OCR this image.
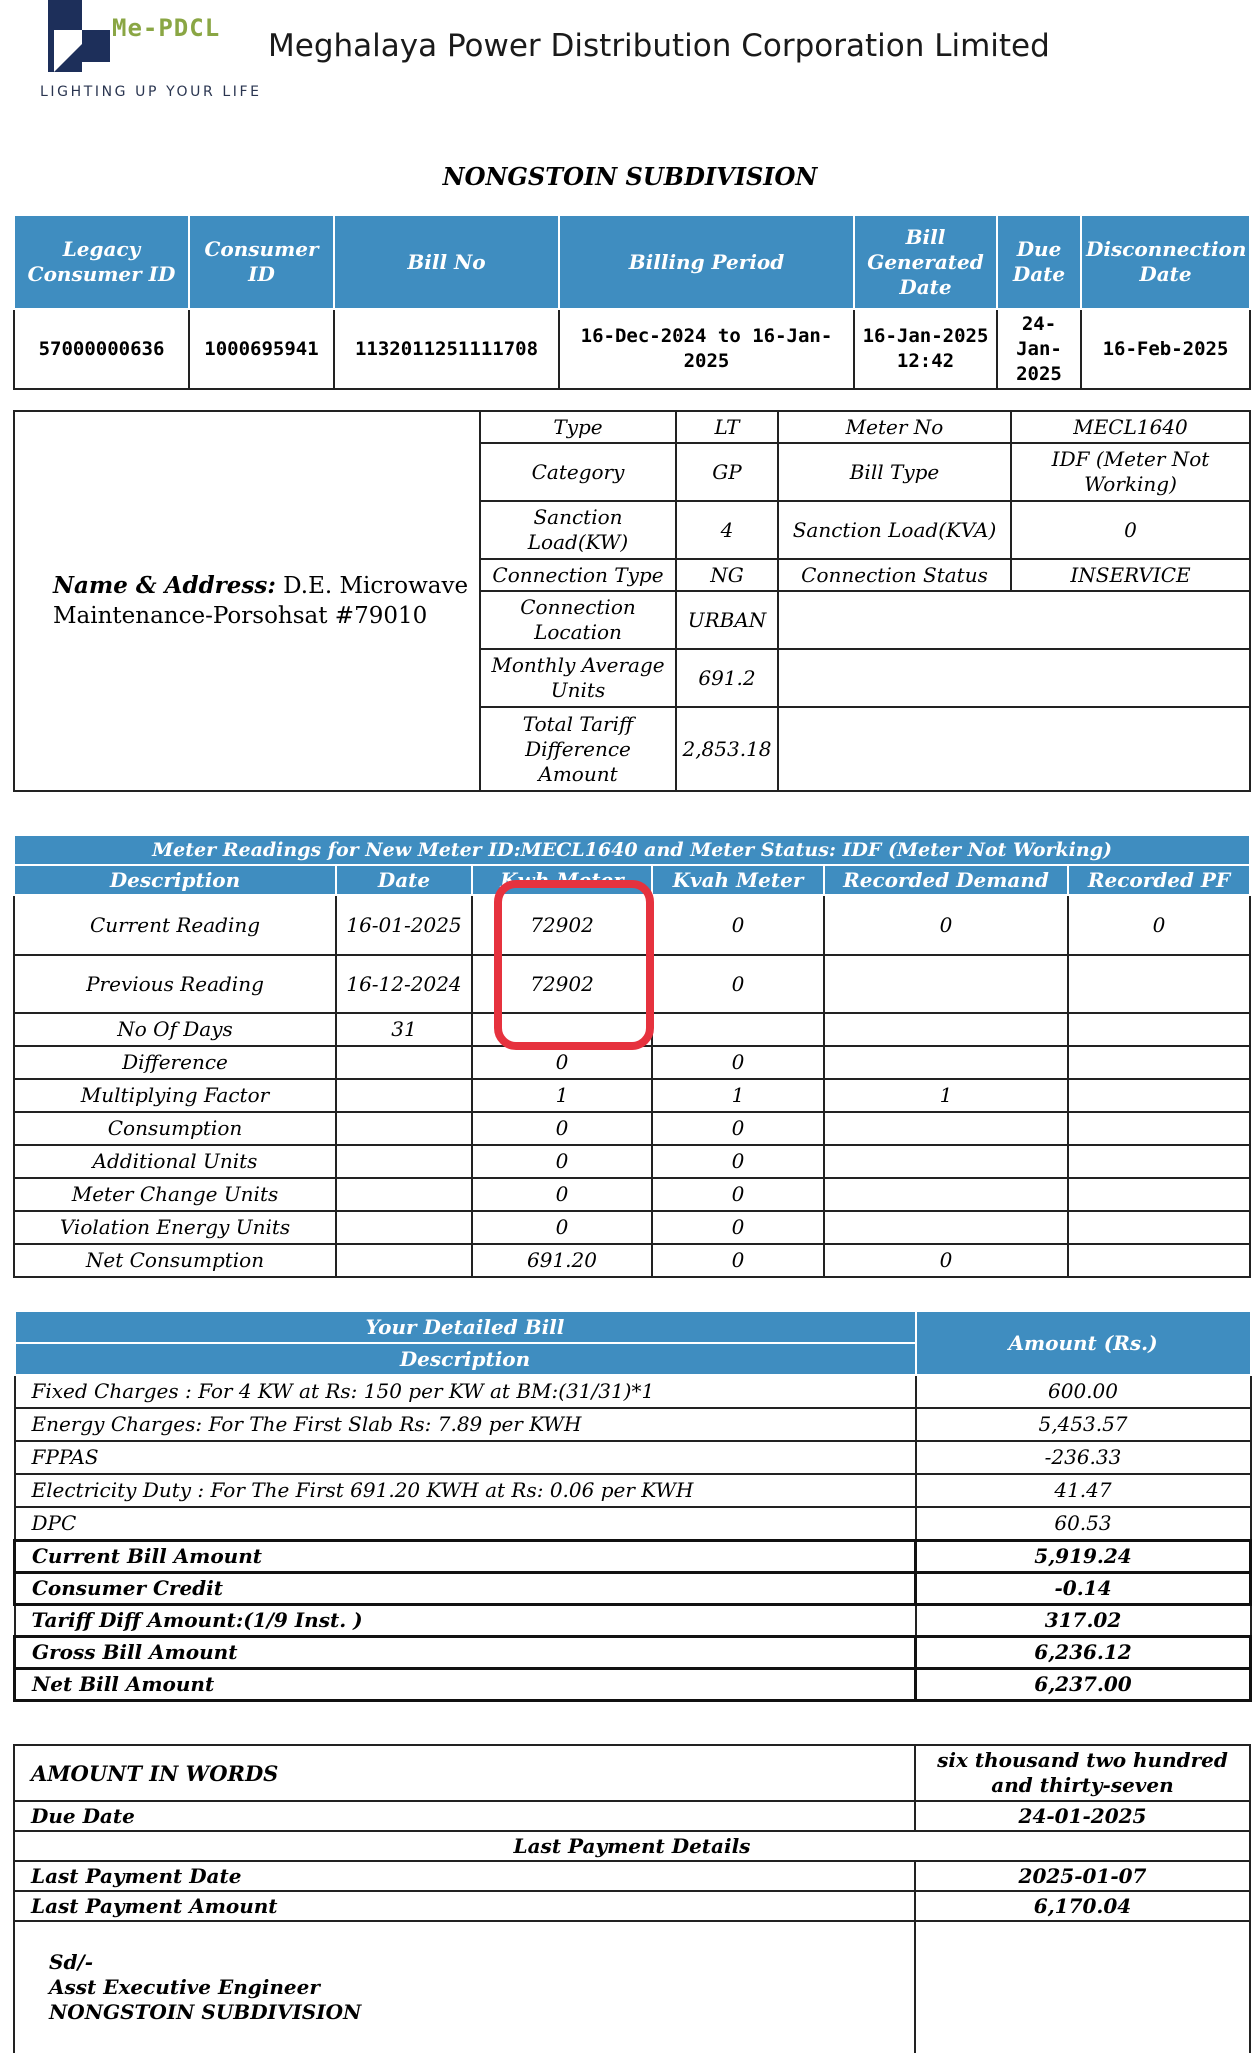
Me-PDCL
LIGHTING UP YOUR LIFE
Meghalaya Power Distribution Corporation Limited
NONGSTOIN SUBDIVISION
Legacy Consumer ID	Consumer ID	Bill No	Billing Period	Bill Generated Date	Due Date	Disconnection Date
57000000636	1000695941	1132011251111708	16-Dec-2024 to 16-Jan-2025	16-Jan-2025 12:42	24-Jan-2025	16-Feb-2025
Name & Address: D.E. Microwave Maintenance-Porsohsat #79010	Type	LT	Meter No	MECL1640
	Category	GP	Bill Type	IDF (Meter Not Working)
	Sanction Load(KW)	4	Sanction Load(KVA)	0
	Connection Type	NG	Connection Status	INSERVICE
	Connection Location	URBAN		
	Monthly Average Units	691.2		
	Total Tariff Difference Amount	2,853.18		
Meter Readings for New Meter ID:MECL1640 and Meter Status: IDF (Meter Not Working)					
Description	Date	Kwh Meter	Kvah Meter	Recorded Demand	Recorded PF
Current Reading	16-01-2025	72902	0	0	0
Previous Reading	16-12-2024	72902	0		
No Of Days	31				
Difference		0	0		
Multiplying Factor		1	1	1	
Consumption		0	0		
Additional Units		0	0		
Meter Change Units		0	0		
Violation Energy Units		0	0		
Net Consumption		691.20	0	0	
Your Detailed Bill	Amount (Rs.)
Description	
Fixed Charges : For 4 KW at Rs: 150 per KW at BM:(31/31)*1	600.00
Energy Charges: For The First Slab Rs: 7.89 per KWH	5,453.57
FPPAS	-236.33
Electricity Duty : For The First 691.20 KWH at Rs: 0.06 per KWH	41.47
DPC	60.53
Current Bill Amount	5,919.24
Consumer Credit	-0.14
Tariff Diff Amount:(1/9 Inst. )	317.02
Gross Bill Amount	6,236.12
Net Bill Amount	6,237.00
AMOUNT IN WORDS	six thousand two hundred and thirty-seven
Due Date	24-01-2025
Last Payment Details	
Last Payment Date	2025-01-07
Last Payment Amount	6,170.04

Sd/-
Asst Executive Engineer
NONGSTOIN SUBDIVISION	
